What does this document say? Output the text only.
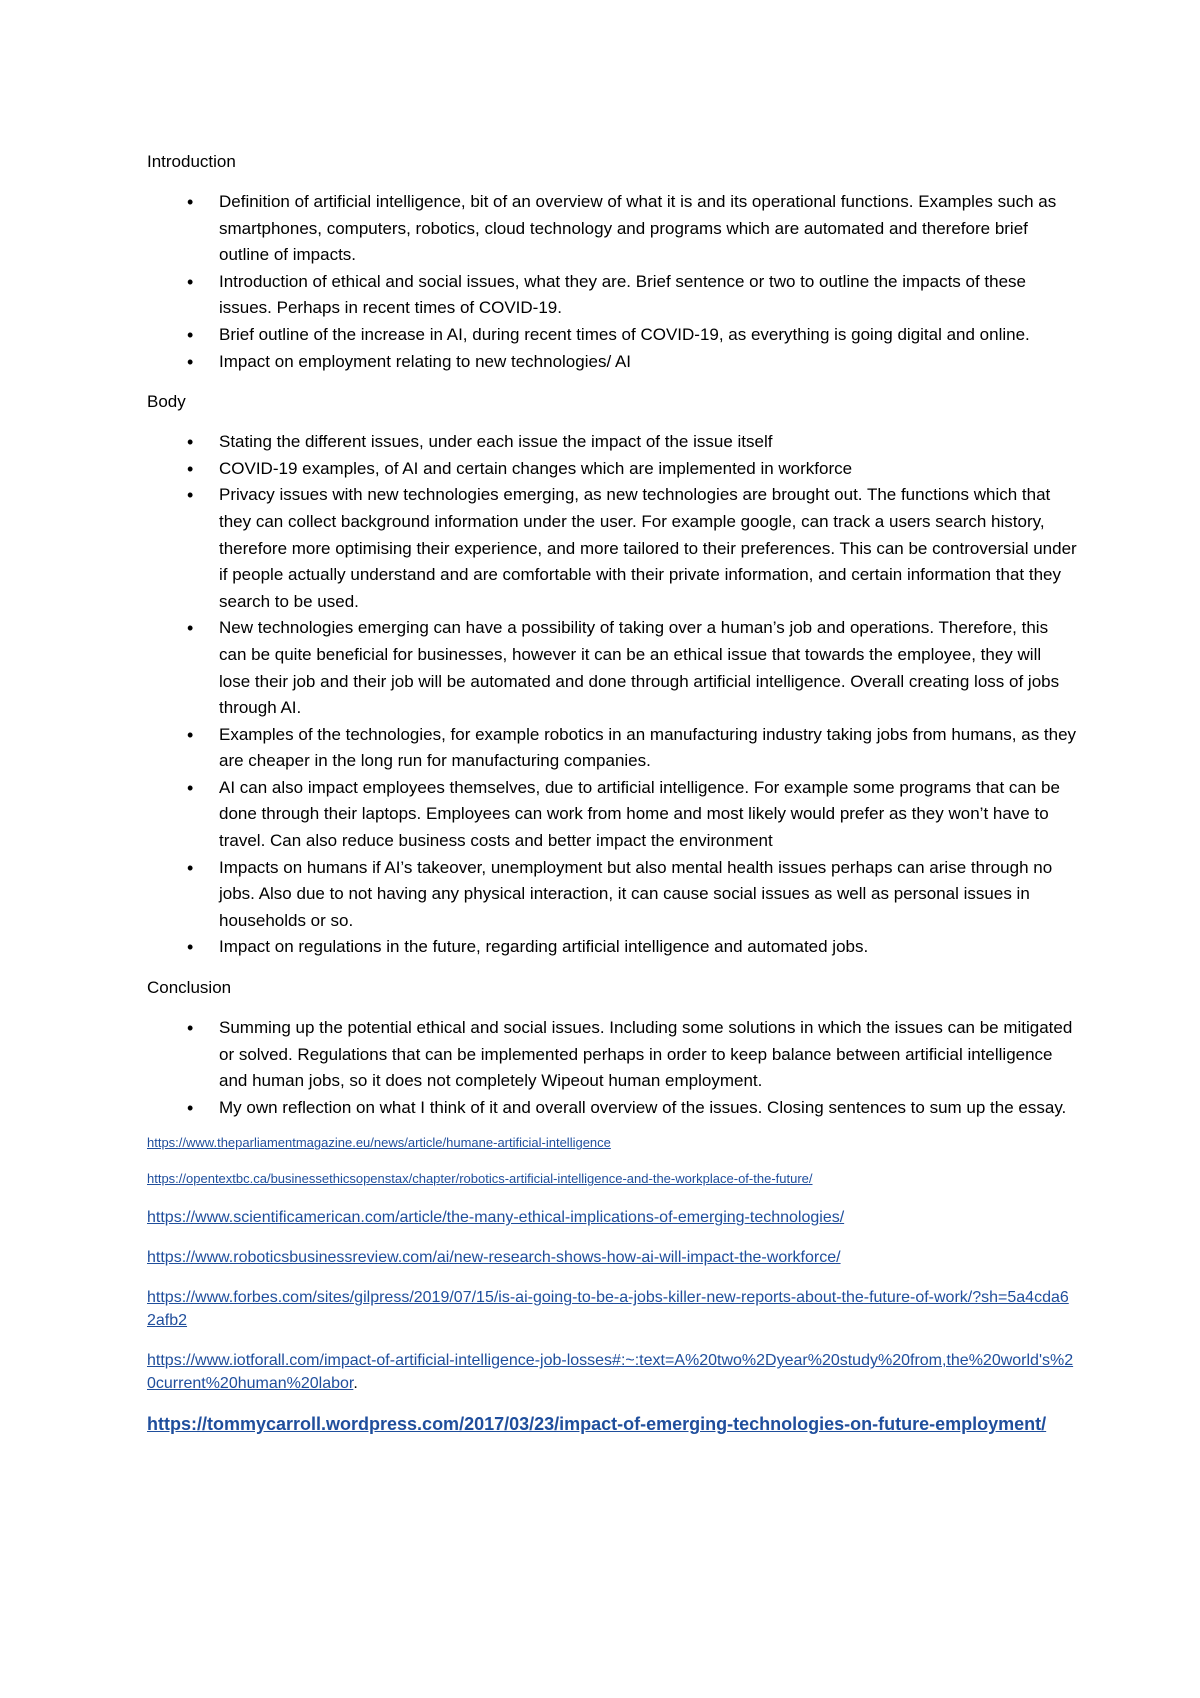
Introduction
• Definition of artificial intelligence, bit of an overview of what it is and its operational functions. Examples such as smartphones, computers, robotics, cloud technology and programs which are automated and therefore brief outline of impacts.
• Introduction of ethical and social issues, what they are. Brief sentence or two to outline the impacts of these issues. Perhaps in recent times of COVID-19.
• Brief outline of the increase in AI, during recent times of COVID-19, as everything is going digital and online.
• Impact on employment relating to new technologies/ AI
Body
• Stating the different issues, under each issue the impact of the issue itself
• COVID-19 examples, of AI and certain changes which are implemented in workforce
• Privacy issues with new technologies emerging, as new technologies are brought out. The functions which that they can collect background information under the user. For example google, can track a users search history, therefore more optimising their experience, and more tailored to their preferences. This can be controversial under if people actually understand and are comfortable with their private information, and certain information that they search to be used.
• New technologies emerging can have a possibility of taking over a human’s job and operations. Therefore, this can be quite beneficial for businesses, however it can be an ethical issue that towards the employee, they will lose their job and their job will be automated and done through artificial intelligence. Overall creating loss of jobs through AI.
• Examples of the technologies, for example robotics in an manufacturing industry taking jobs from humans, as they are cheaper in the long run for manufacturing companies.
• AI can also impact employees themselves, due to artificial intelligence. For example some programs that can be done through their laptops. Employees can work from home and most likely would prefer as they won’t have to travel. Can also reduce business costs and better impact the environment
• Impacts on humans if AI’s takeover, unemployment but also mental health issues perhaps can arise through no jobs. Also due to not having any physical interaction, it can cause social issues as well as personal issues in households or so.
• Impact on regulations in the future, regarding artificial intelligence and automated jobs.
Conclusion
• Summing up the potential ethical and social issues. Including some solutions in which the issues can be mitigated or solved. Regulations that can be implemented perhaps in order to keep balance between artificial intelligence and human jobs, so it does not completely Wipeout human employment.
• My own reflection on what I think of it and overall overview of the issues. Closing sentences to sum up the essay.
https://www.theparliamentmagazine.eu/news/article/humane-artificial-intelligence
https://opentextbc.ca/businessethicsopenstax/chapter/robotics-artificial-intelligence-and-the-workplace-of-the-future/
https://www.scientificamerican.com/article/the-many-ethical-implications-of-emerging-technologies/
https://www.roboticsbusinessreview.com/ai/new-research-shows-how-ai-will-impact-the-workforce/
https://www.forbes.com/sites/gilpress/2019/07/15/is-ai-going-to-be-a-jobs-killer-new-reports-about-the-future-of-work/?sh=5a4cda62afb2
https://www.iotforall.com/impact-of-artificial-intelligence-job-losses#:~:text=A%20two%2Dyear%20study%20from,the%20world's%20current%20human%20labor.
https://tommycarroll.wordpress.com/2017/03/23/impact-of-emerging-technologies-on-future-employment/
